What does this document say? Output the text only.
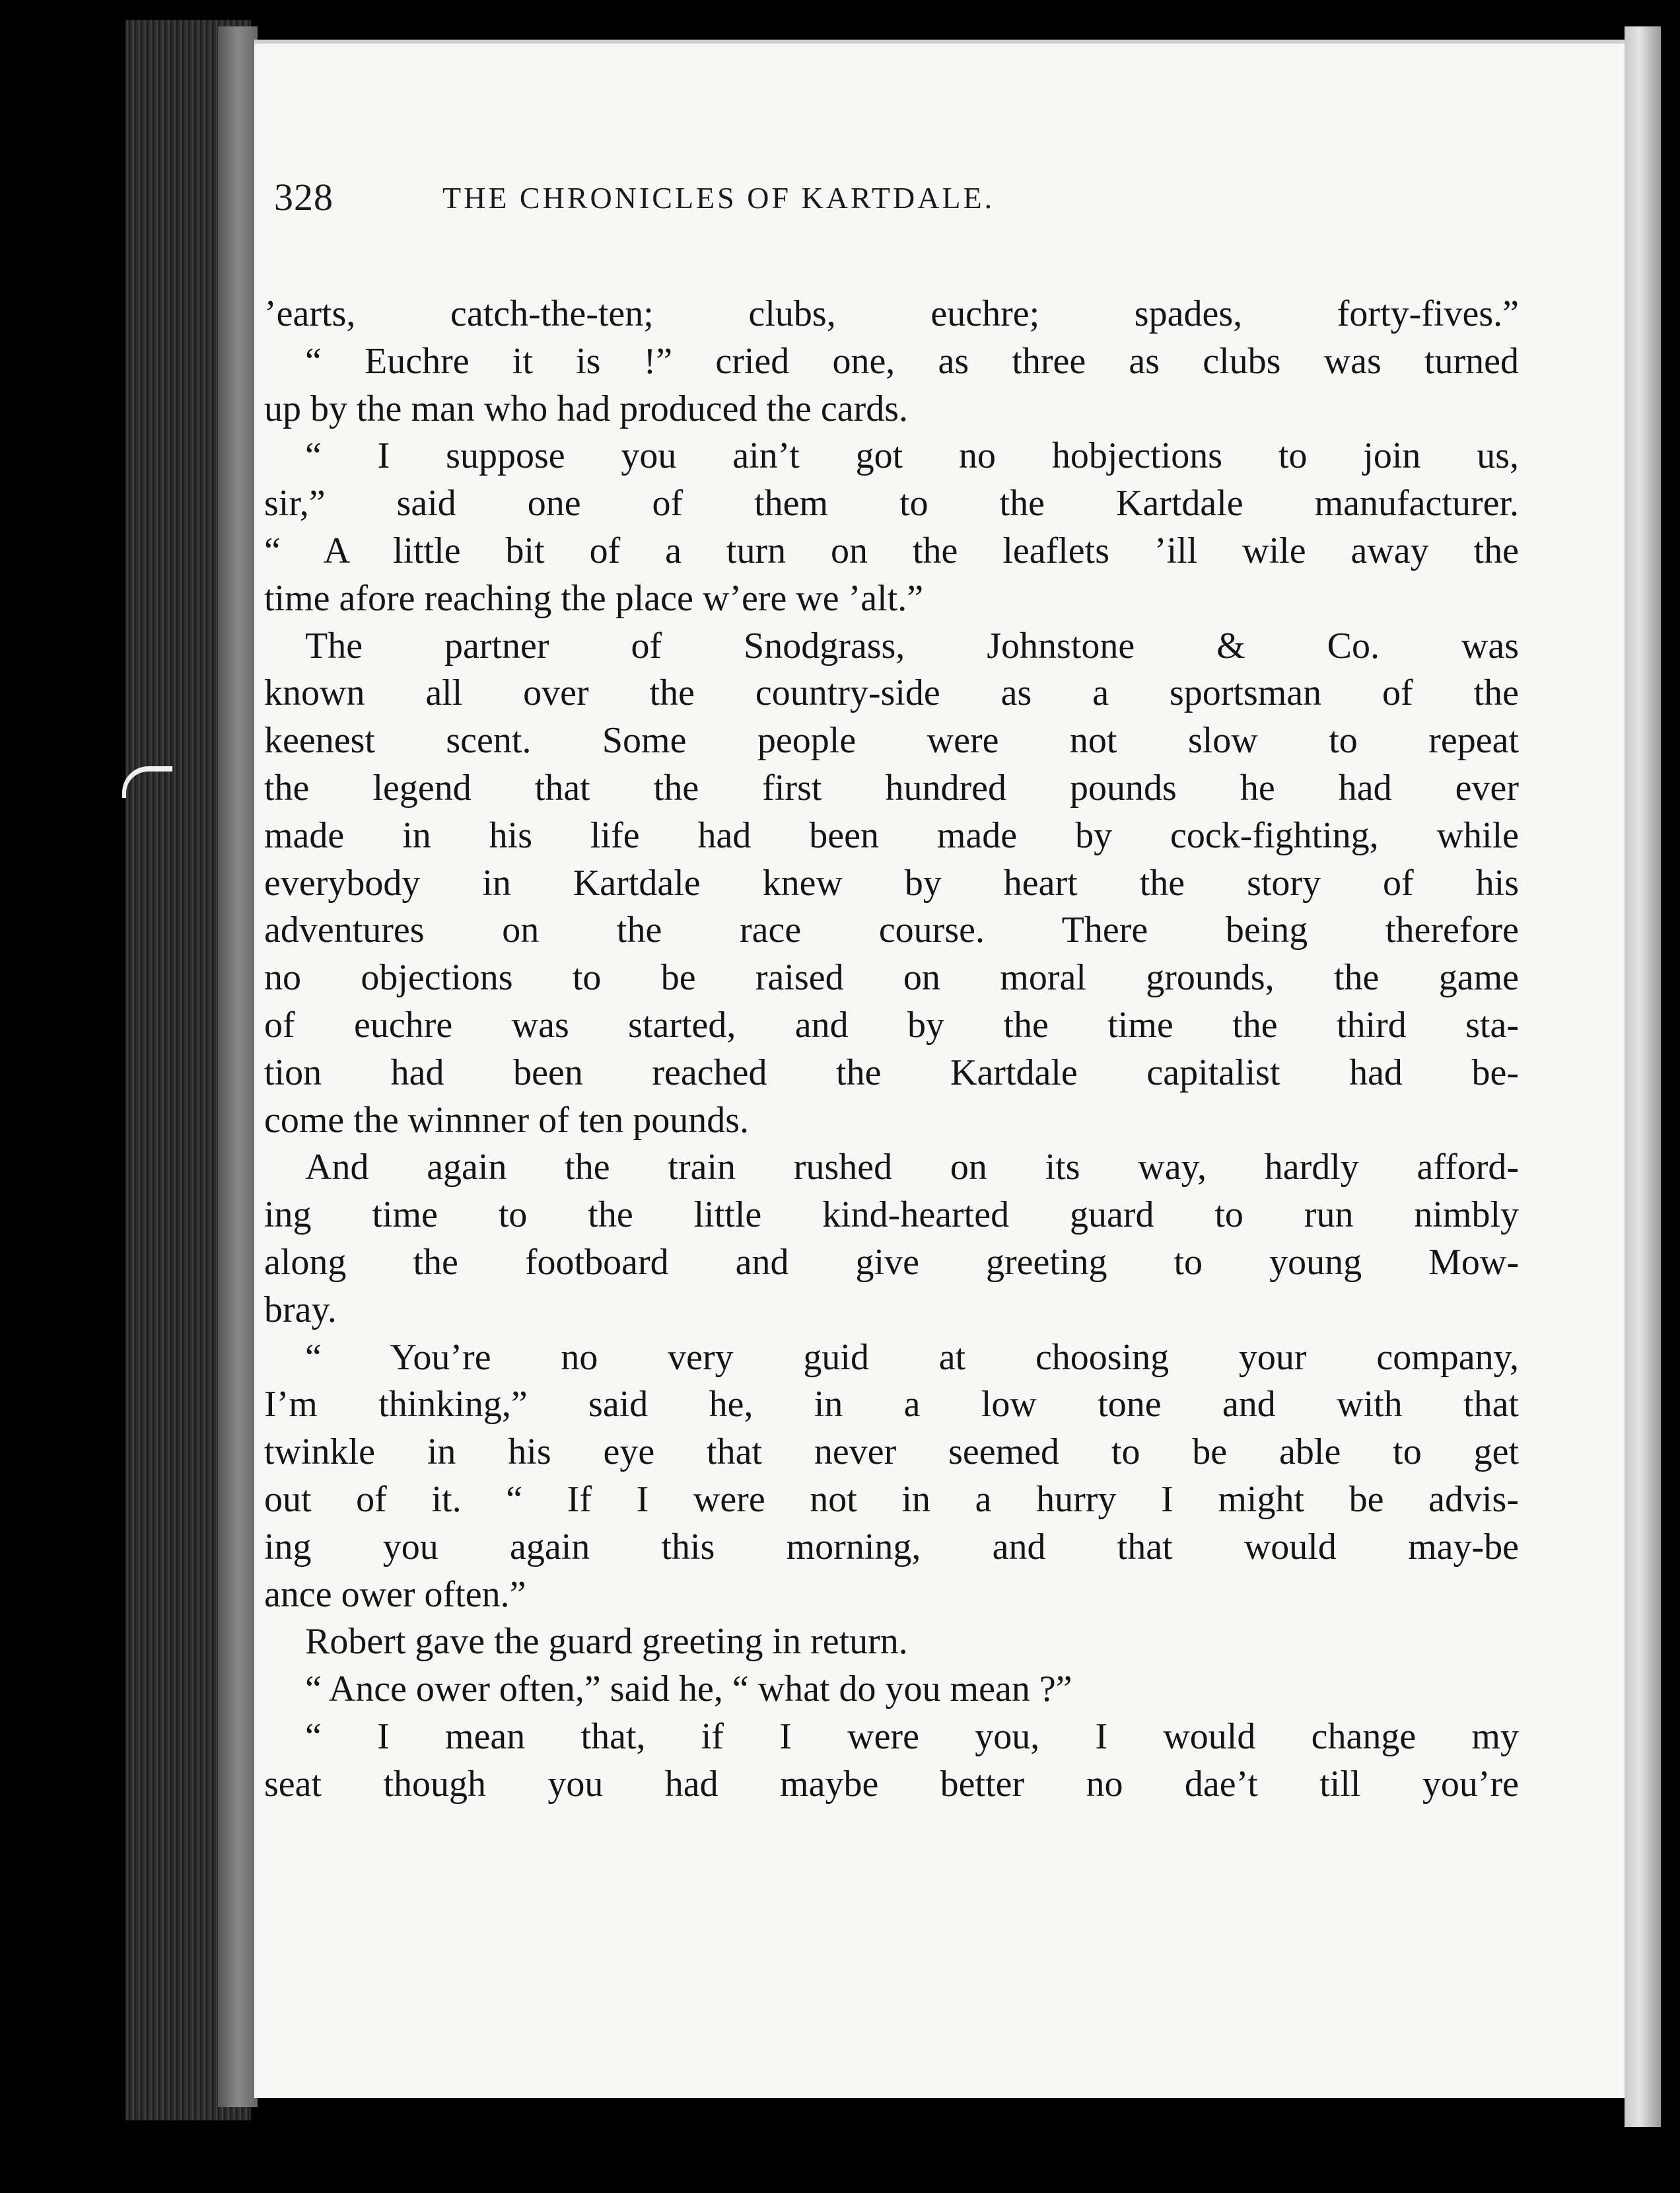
328	THE CHRONICLES OF KARTDALE.
’earts, catch-the-ten; clubs, euchre; spades, forty-fives.”
“ Euchre it is !” cried one, as three as clubs was turned
up by the man who had produced the cards.
“ I suppose you ain’t got no hobjections to join us,
sir,” said one of them to the Kartdale manufacturer.
“ A little bit of a turn on the leaflets ’ill wile away the
time afore reaching the place w’ere we ’alt.”
The partner of Snodgrass, Johnstone & Co. was
known all over the country-side as a sportsman of the
keenest scent. Some people were not slow to repeat
the legend that the first hundred pounds he had ever
made in his life had been made by cock-fighting, while
everybody in Kartdale knew by heart the story of his
adventures on the race course. There being therefore
no objections to be raised on moral grounds, the game
of euchre was started, and by the time the third sta-
tion had been reached the Kartdale capitalist had be-
come the winnner of ten pounds.
And again the train rushed on its way, hardly afford-
ing time to the little kind-hearted guard to run nimbly
along the footboard and give greeting to young Mow-
bray.
“ You’re no very guid at choosing your company,
I’m thinking,” said he, in a low tone and with that
twinkle in his eye that never seemed to be able to get
out of it. “ If I were not in a hurry I might be advis-
ing you again this morning, and that would may-be
ance ower often.”
Robert gave the guard greeting in return.
“ Ance ower often,” said he, “ what do you mean ?”
“ I mean that, if I were you, I would change my
seat though you had maybe better no dae’t till you’re
